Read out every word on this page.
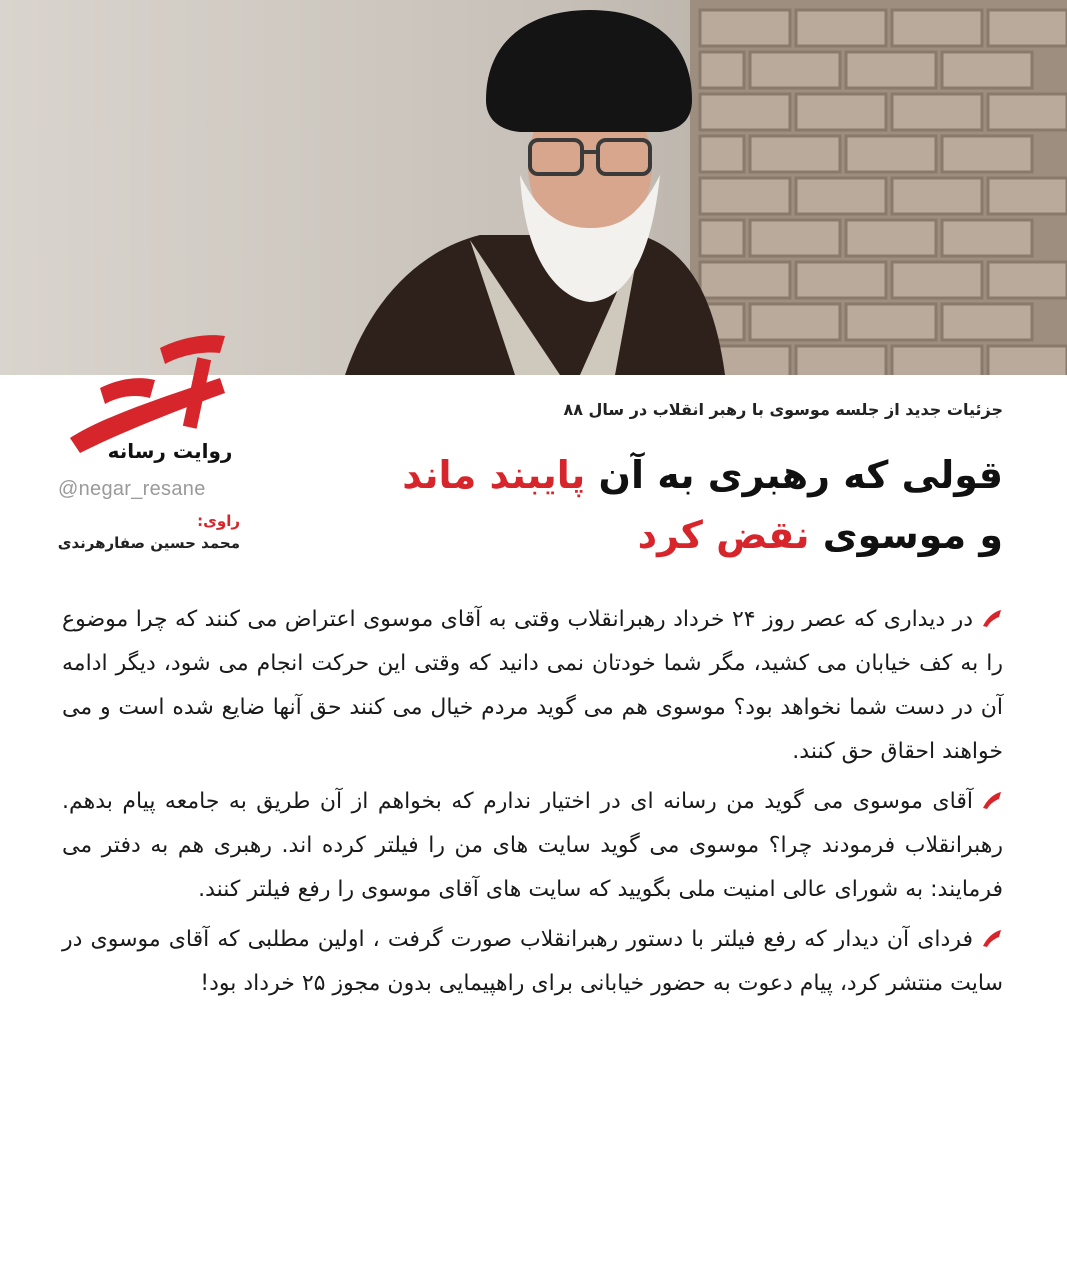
روایت رسانه
@negar_resane
راوی:
محمد حسین صفارهرندی
جزئیات جدید از جلسه موسوی با رهبر انقلاب در سال ۸۸
قولی که رهبری به آن پایبند ماند
و موسوی نقض کرد

در دیداری که عصر روز ۲۴ خرداد رهبرانقلاب وقتی به آقای موسوی اعتراض می کنند که چرا موضوع را به کف خیابان می کشید، مگر شما خودتان نمی دانید که وقتی این حرکت انجام می شود، دیگر ادامه آن در دست شما نخواهد بود؟ موسوی هم می گوید مردم خیال می کنند حق آنها ضایع شده است و می خواهند احقاق حق کنند.

آقای موسوی می گوید من رسانه ای در اختیار ندارم که بخواهم از آن طریق به جامعه پیام بدهم. رهبرانقلاب فرمودند چرا؟ موسوی می گوید سایت های من را فیلتر کرده اند. رهبری هم به دفتر می فرمایند: به شورای عالی امنیت ملی بگویید که سایت های آقای موسوی را رفع فیلتر کنند.

فردای آن دیدار که رفع فیلتر با دستور رهبرانقلاب صورت گرفت ، اولین مطلبی که آقای موسوی در سایت منتشر کرد، پیام دعوت به حضور خیابانی برای راهپیمایی بدون مجوز ۲۵ خرداد بود!
